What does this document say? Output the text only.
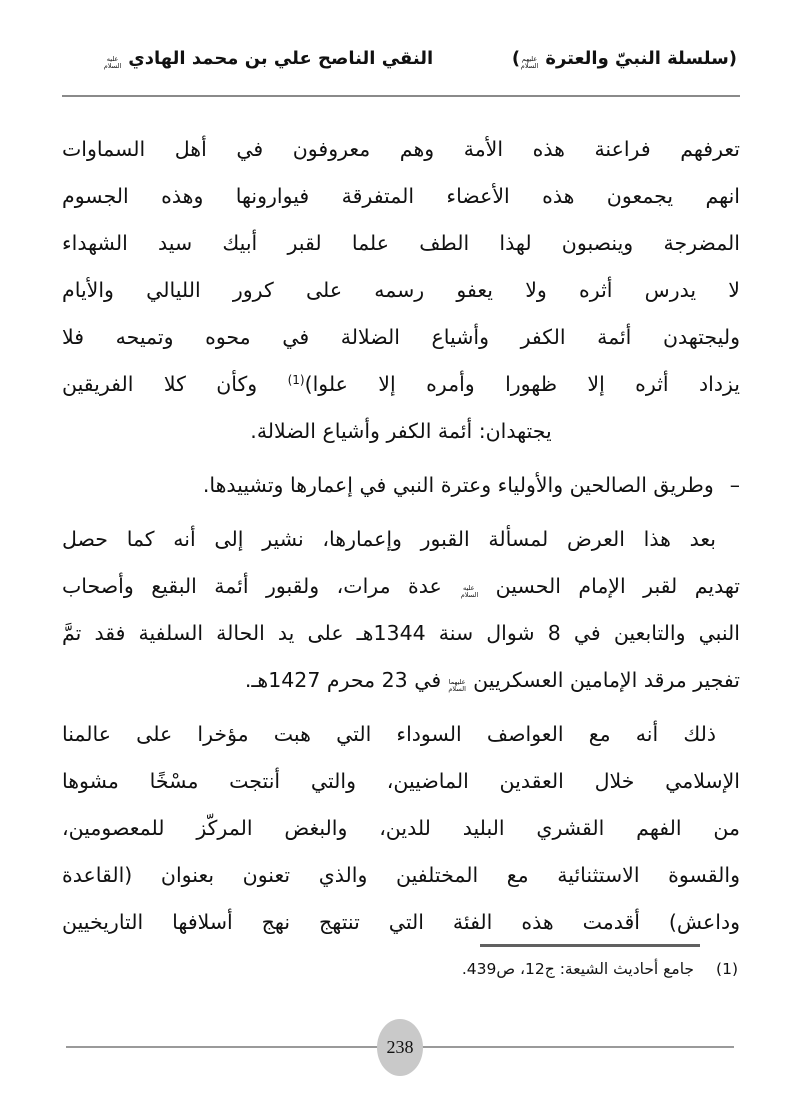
(سلسلة النبيّ والعترة عليهم السلام)
النقي الناصح علي بن محمد الهادي عليه السلام
تعرفهم فراعنة هذه الأمة وهم معروفون في أهل السماوات
انهم يجمعون هذه الأعضاء المتفرقة فيوارونها وهذه الجسوم
المضرجة وينصبون لهذا الطف علما لقبر أبيك سيد الشهداء
لا يدرس أثره ولا يعفو رسمه على كرور الليالي والأيام
وليجتهدن أئمة الكفر وأشياع الضلالة في محوه وتميحه فلا
يزداد أثره إلا ظهورا وأمره إلا علوا)$^{(1)}$ وكأن كلا الفريقين
يجتهدان: أئمة الكفر وأشياع الضلالة.
–وطريق الصالحين والأولياء وعترة النبي في إعمارها وتشييدها.
بعد هذا العرض لمسألة القبور وإعمارها، نشير إلى أنه كما حصل
تهديم لقبر الإمام الحسين عليه السلام عدة مرات، ولقبور أئمة البقيع وأصحاب
النبي والتابعين في 8 شوال سنة 1344هـ على يد الحالة السلفية فقد تمَّ
تفجير مرقد الإمامين العسكريين عليهما السلام في 23 محرم 1427هـ.
ذلك أنه مع العواصف السوداء التي هبت مؤخرا على عالمنا
الإسلامي خلال العقدين الماضيين، والتي أنتجت مسْخًا مشوها
من الفهم القشري البليد للدين، والبغض المركّز للمعصومين،
والقسوة الاستثنائية مع المختلفين والذي تعنون بعنوان (القاعدة
وداعش) أقدمت هذه الفئة التي تنتهج نهج أسلافها التاريخيين
(1)جامع أحاديث الشيعة: ج12، ص439.
238
